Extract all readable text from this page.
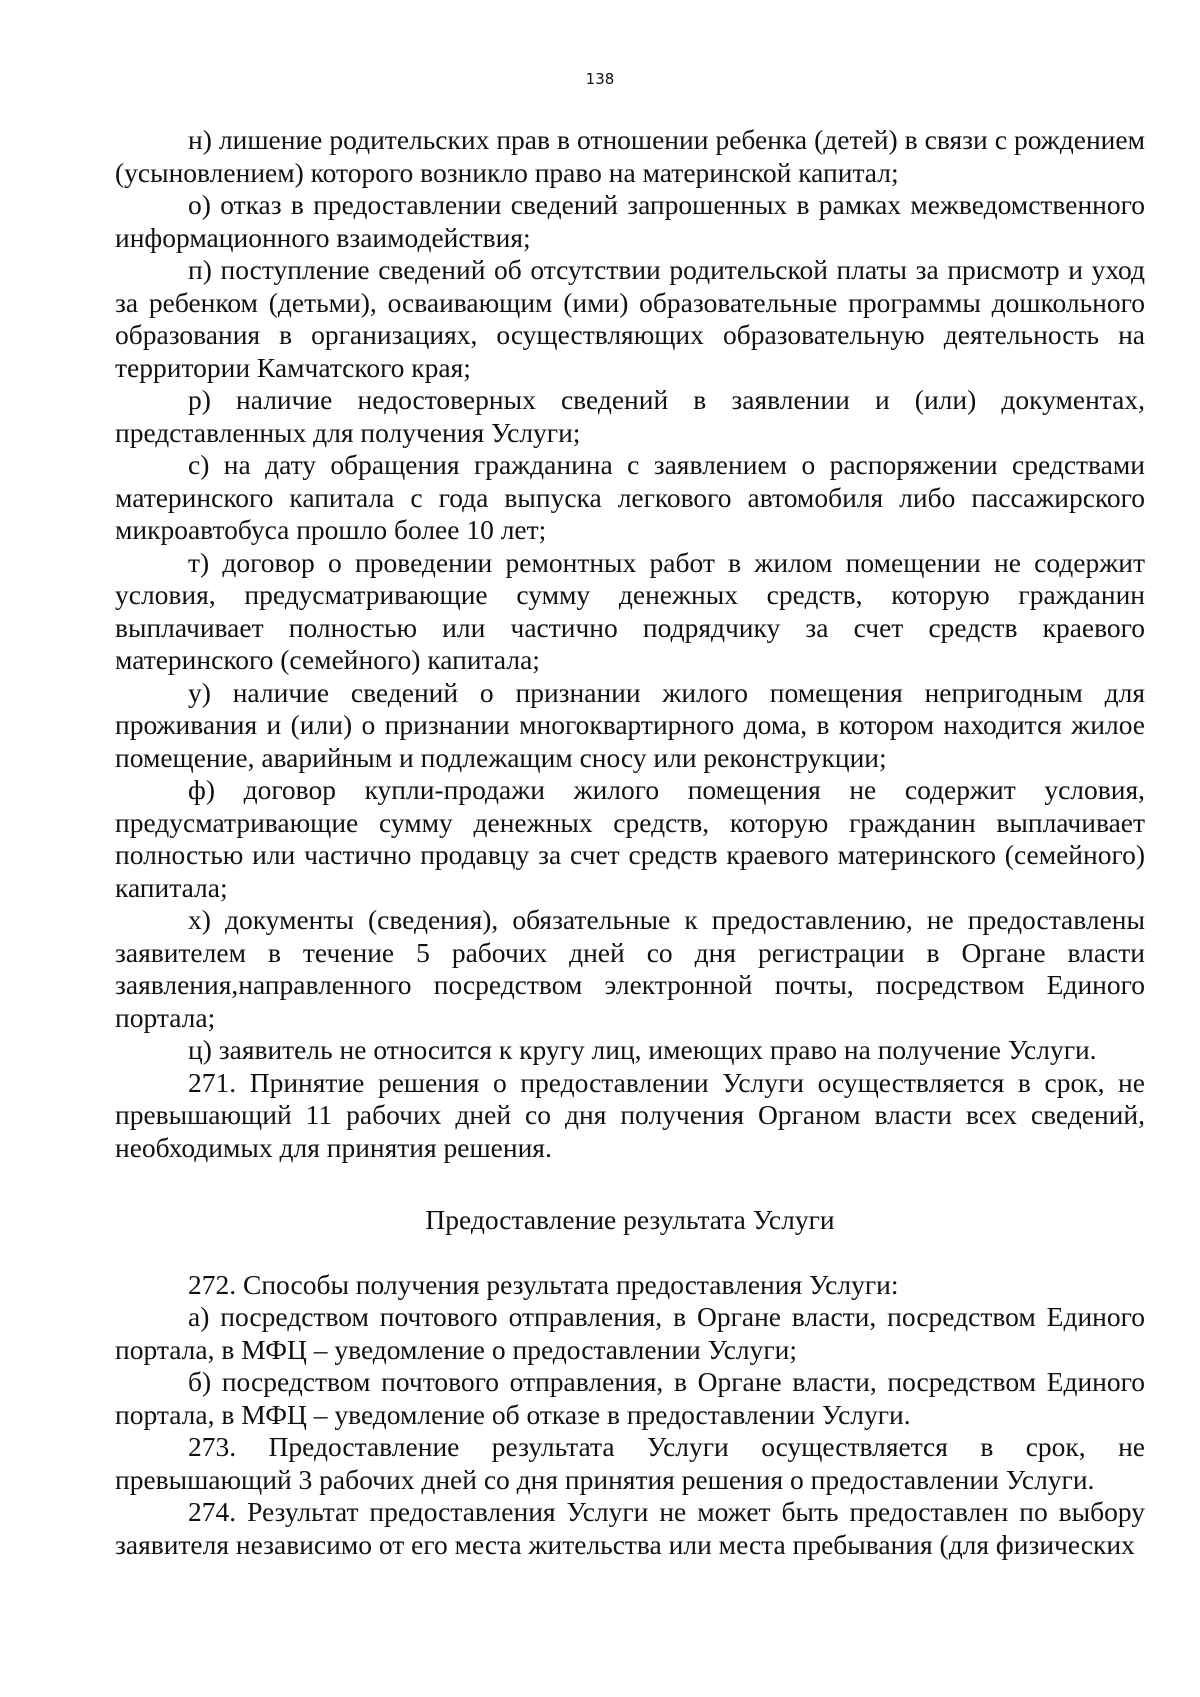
138

н) лишение родительских прав в отношении ребенка (детей) в связи с рождением (усыновлением) которого возникло право на материнской капитал;

о) отказ в предоставлении сведений запрошенных в рамках межведомственного информационного взаимодействия;

п) поступление сведений об отсутствии родительской платы за присмотр и уход за ребенком (детьми), осваивающим (ими) образовательные программы дошкольного образования в организациях, осуществляющих образовательную деятельность на территории Камчатского края;

р) наличие недостоверных сведений в заявлении и (или) документах, представленных для получения Услуги;

с) на дату обращения гражданина с заявлением о распоряжении средствами материнского капитала с года выпуска легкового автомобиля либо пассажирского микроавтобуса прошло более 10 лет;

т) договор о проведении ремонтных работ в жилом помещении не содержит условия, предусматривающие сумму денежных средств, которую гражданин выплачивает полностью или частично подрядчику за счет средств краевого материнского (семейного) капитала;

у) наличие сведений о признании жилого помещения непригодным для проживания и (или) о признании многоквартирного дома, в котором находится жилое помещение, аварийным и подлежащим сносу или реконструкции;

ф) договор купли-продажи жилого помещения не содержит условия, предусматривающие сумму денежных средств, которую гражданин выплачивает полностью или частично продавцу за счет средств краевого материнского (семейного) капитала;

х) документы (сведения), обязательные к предоставлению, не предоставлены заявителем в течение 5 рабочих дней со дня регистрации в Органе власти заявления,направленного посредством электронной почты, посредством Единого портала;

ц) заявитель не относится к кругу лиц, имеющих право на получение Услуги.

271. Принятие решения о предоставлении Услуги осуществляется в срок, не превышающий 11 рабочих дней со дня получения Органом власти всех сведений, необходимых для принятия решения.

Предоставление результата Услуги

272. Способы получения результата предоставления Услуги:

а) посредством почтового отправления, в Органе власти, посредством Единого портала, в МФЦ – уведомление о предоставлении Услуги;

б) посредством почтового отправления, в Органе власти, посредством Единого портала, в МФЦ – уведомление об отказе в предоставлении Услуги.

273. Предоставление результата Услуги осуществляется в срок, не превышающий 3 рабочих дней со дня принятия решения о предоставлении Услуги.

274. Результат предоставления Услуги не может быть предоставлен по выбору заявителя независимо от его места жительства или места пребывания (для физических
